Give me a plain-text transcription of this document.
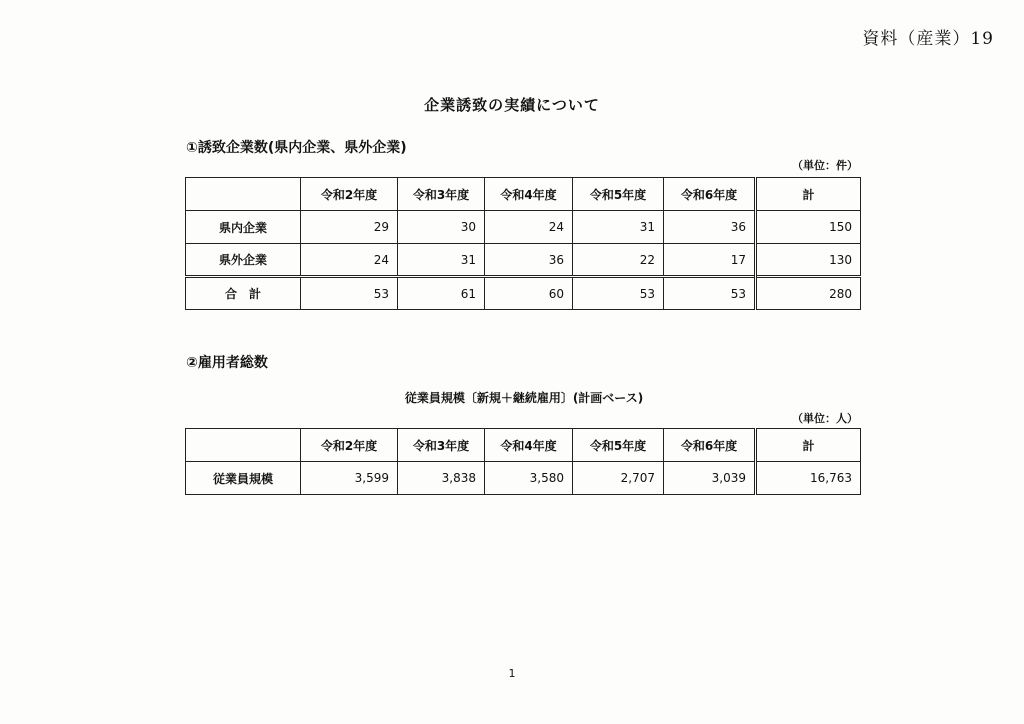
資料（産業）19
企業誘致の実績について
①誘致企業数(県内企業、県外企業)
（単位：件）
	令和2年度	令和3年度	令和4年度	令和5年度	令和6年度	計
県内企業	29	30	24	31	36	150
県外企業	24	31	36	22	17	130
合　計	53	61	60	53	53	280
②雇用者総数
従業員規模〔新規＋継続雇用〕(計画ベース)
（単位：人）
	令和2年度	令和3年度	令和4年度	令和5年度	令和6年度	計
従業員規模	3,599	3,838	3,580	2,707	3,039	16,763
1
